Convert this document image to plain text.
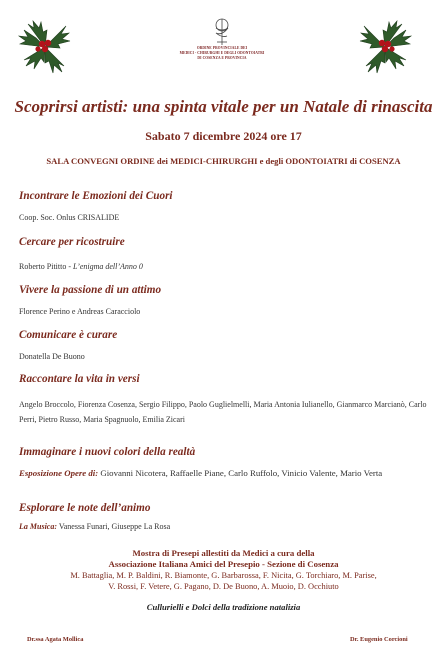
ORDINE PROVINCIALE DEI
MEDICI - CHIRURGHI E DEGLI ODONTOIATRI
DI COSENZA E PROVINCIA
Scoprirsi artisti: una spinta vitale per un Natale di rinascita
Sabato 7 dicembre 2024 ore 17
SALA CONVEGNI ORDINE dei MEDICI-CHIRURGHI e degli ODONTOIATRI di COSENZA
Incontrare le Emozioni dei Cuori
Coop. Soc. Onlus CRISALIDE
Cercare per ricostruire
Roberto Pititto - L’enigma dell’Anno 0
Vivere la passione di un attimo
Florence Perino e Andreas Caracciolo
Comunicare è curare
Donatella De Buono
Raccontare la vita in versi
Angelo Broccolo, Fiorenza Cosenza, Sergio Filippo, Paolo Guglielmelli, Maria Antonia Iulianello, Gianmarco Marcianò, Carlo Perri, Pietro Russo, Maria Spagnuolo, Emilia Zicari
Immaginare i nuovi colori della realtà
Esposizione Opere di: Giovanni Nicotera, Raffaelle Piane, Carlo Ruffolo, Vinicio Valente, Mario Verta
Esplorare le note dell’animo
La Musica: Vanessa Funari, Giuseppe La Rosa
Mostra di Presepi allestiti da Medici a cura della
Associazione Italiana Amici del Presepio - Sezione di Cosenza
M. Battaglia, M. P. Baldini, R. Biamonte, G. Barbarossa, F. Nicita, G. Torchiaro, M. Parise,
V. Rossi, F. Vetere, G. Pagano, D. De Buono, A. Muoio, D. Occhiuto
Cullurielli e Dolci della tradizione natalizia
Dr.ssa Agata Mollica	Dr. Eugenio Corcioni
